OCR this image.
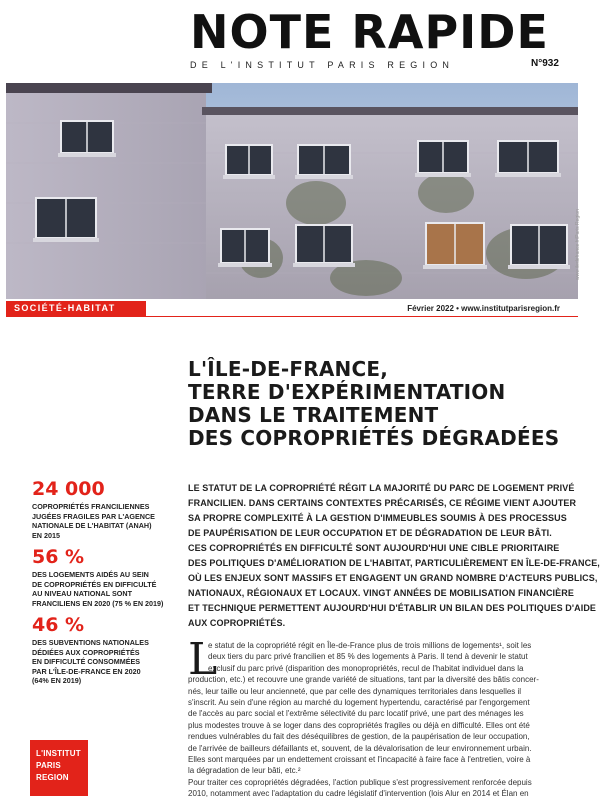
NOTE RAPIDE
DE L'INSTITUT PARIS REGION	N°932
www.iledefrance.fr/Paris Region
SOCIÉTÉ-HABITAT	Février 2022 • www.institutparisregion.fr
L'ÎLE-DE-FRANCE,
TERRE D'EXPÉRIMENTATION
DANS LE TRAITEMENT
DES COPROPRIÉTÉS DÉGRADÉES

LE STATUT DE LA COPROPRIÉTÉ RÉGIT LA MAJORITÉ DU PARC DE LOGEMENT PRIVÉ

FRANCILIEN. DANS CERTAINS CONTEXTES PRÉCARISÉS, CE RÉGIME VIENT AJOUTER

SA PROPRE COMPLEXITÉ À LA GESTION D'IMMEUBLES SOUMIS À DES PROCESSUS

DE PAUPÉRISATION DE LEUR OCCUPATION ET DE DÉGRADATION DE LEUR BÂTI.

CES COPROPRIÉTÉS EN DIFFICULTÉ SONT AUJOURD'HUI UNE CIBLE PRIORITAIRE

DES POLITIQUES D'AMÉLIORATION DE L'HABITAT, PARTICULIÈREMENT EN ÎLE-DE-FRANCE,

OÙ LES ENJEUX SONT MASSIFS ET ENGAGENT UN GRAND NOMBRE D'ACTEURS PUBLICS,

NATIONAUX, RÉGIONAUX ET LOCAUX. VINGT ANNÉES DE MOBILISATION FINANCIÈRE

ET TECHNIQUE PERMETTENT AUJOURD'HUI D'ÉTABLIR UN BILAN DES POLITIQUES D'AIDE

AUX COPROPRIÉTÉS.

24 000
COPROPRIÉTÉS FRANCILIENNES
JUGÉES FRAGILES PAR L'AGENCE
NATIONALE DE L'HABITAT (ANAH)
EN 2015
56 %
DES LOGEMENTS AIDÉS AU SEIN
DE COPROPRIÉTÉS EN DIFFICULTÉ
AU NIVEAU NATIONAL SONT
FRANCILIENS EN 2020 (75 % EN 2019)
46 %
DES SUBVENTIONS NATIONALES
DÉDIÉES AUX COPROPRIÉTÉS
EN DIFFICULTÉ CONSOMMÉES
PAR L'ÎLE-DE-FRANCE EN 2020
(64% EN 2019)
L'INSTITUT
PARIS
REGION
L

e statut de la copropriété régit en Île-de-France plus de trois millions de logements¹, soit les
deux tiers du parc privé francilien et 85 % des logements à Paris. Il tend à devenir le statut
exclusif du parc privé (disparition des monopropriétés, recul de l'habitat individuel dans la
production, etc.) et recouvre une grande variété de situations, tant par la diversité des bâtis concer-
nés, leur taille ou leur ancienneté, que par celle des dynamiques territoriales dans lesquelles il
s'inscrit. Au sein d'une région au marché du logement hypertendu, caractérisé par l'engorgement
de l'accès au parc social et l'extrême sélectivité du parc locatif privé, une part des ménages les
plus modestes trouve à se loger dans des copropriétés fragiles ou déjà en difficulté. Elles ont été
rendues vulnérables du fait des déséquilibres de gestion, de la paupérisation de leur occupation,
de l'arrivée de bailleurs défaillants et, souvent, de la dévalorisation de leur environnement urbain.
Elles sont marquées par un endettement croissant et l'incapacité à faire face à l'entretien, voire à
la dégradation de leur bâti, etc.²
Pour traiter ces copropriétés dégradées, l'action publique s'est progressivement renforcée depuis
2010, notamment avec l'adaptation du cadre législatif d'intervention (lois Alur en 2014 et Élan en
